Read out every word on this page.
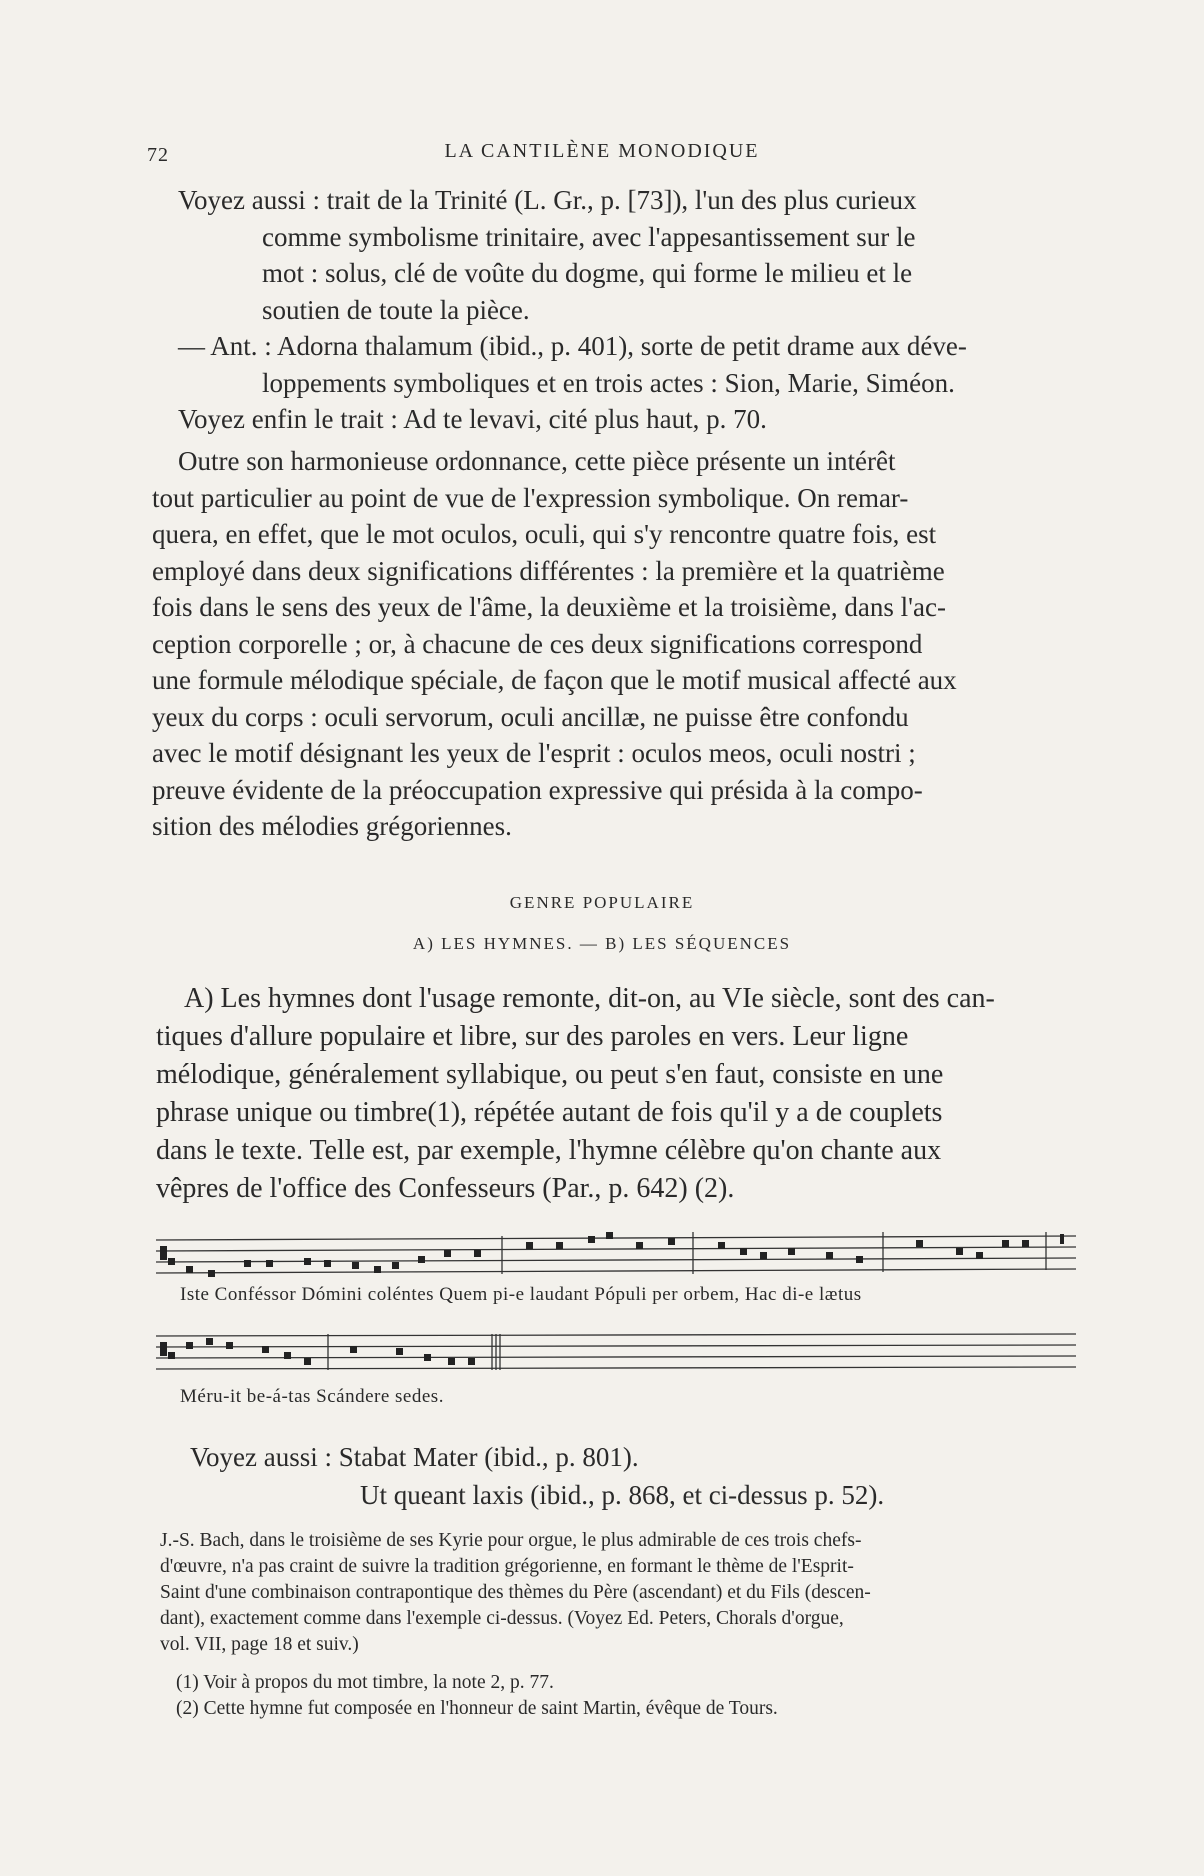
72	LA CANTILÈNE MONODIQUE
Voyez aussi : trait de la Trinité (L. Gr., p. [73]), l'un des plus curieux
comme symbolisme trinitaire, avec l'appesantissement sur le
mot : solus, clé de voûte du dogme, qui forme le milieu et le
soutien de toute la pièce.
— Ant. : Adorna thalamum (ibid., p. 401), sorte de petit drame aux déve-
loppements symboliques et en trois actes : Sion, Marie, Siméon.
Voyez enfin le trait : Ad te levavi, cité plus haut, p. 70.
Outre son harmonieuse ordonnance, cette pièce présente un intérêt
tout particulier au point de vue de l'expression symbolique. On remar-
quera, en effet, que le mot oculos, oculi, qui s'y rencontre quatre fois, est
employé dans deux significations différentes : la première et la quatrième
fois dans le sens des yeux de l'âme, la deuxième et la troisième, dans l'ac-
ception corporelle ; or, à chacune de ces deux significations correspond
une formule mélodique spéciale, de façon que le motif musical affecté aux
yeux du corps : oculi servorum, oculi ancillæ, ne puisse être confondu
avec le motif désignant les yeux de l'esprit : oculos meos, oculi nostri ;
preuve évidente de la préoccupation expressive qui présida à la compo-
sition des mélodies grégoriennes.
GENRE POPULAIRE
A) LES HYMNES. — B) LES SÉQUENCES
A) Les hymnes dont l'usage remonte, dit-on, au VIe siècle, sont des can-
tiques d'allure populaire et libre, sur des paroles en vers. Leur ligne
mélodique, généralement syllabique, ou peut s'en faut, consiste en une
phrase unique ou timbre(1), répétée autant de fois qu'il y a de couplets
dans le texte. Telle est, par exemple, l'hymne célèbre qu'on chante aux
vêpres de l'office des Confesseurs (Par., p. 642) (2).
Iste Conféssor Dómini coléntes Quem pi-e laudant Pópuli per orbem, Hac di-e lætus
Méru-it be-á-tas Scándere sedes.
Voyez aussi : Stabat Mater (ibid., p. 801).
Ut queant laxis (ibid., p. 868, et ci-dessus p. 52).
J.-S. Bach, dans le troisième de ses Kyrie pour orgue, le plus admirable de ces trois chefs-
d'œuvre, n'a pas craint de suivre la tradition grégorienne, en formant le thème de l'Esprit-
Saint d'une combinaison contrapontique des thèmes du Père (ascendant) et du Fils (descen-
dant), exactement comme dans l'exemple ci-dessus. (Voyez Ed. Peters, Chorals d'orgue,
vol. VII, page 18 et suiv.)
(1) Voir à propos du mot timbre, la note 2, p. 77.
(2) Cette hymne fut composée en l'honneur de saint Martin, évêque de Tours.
